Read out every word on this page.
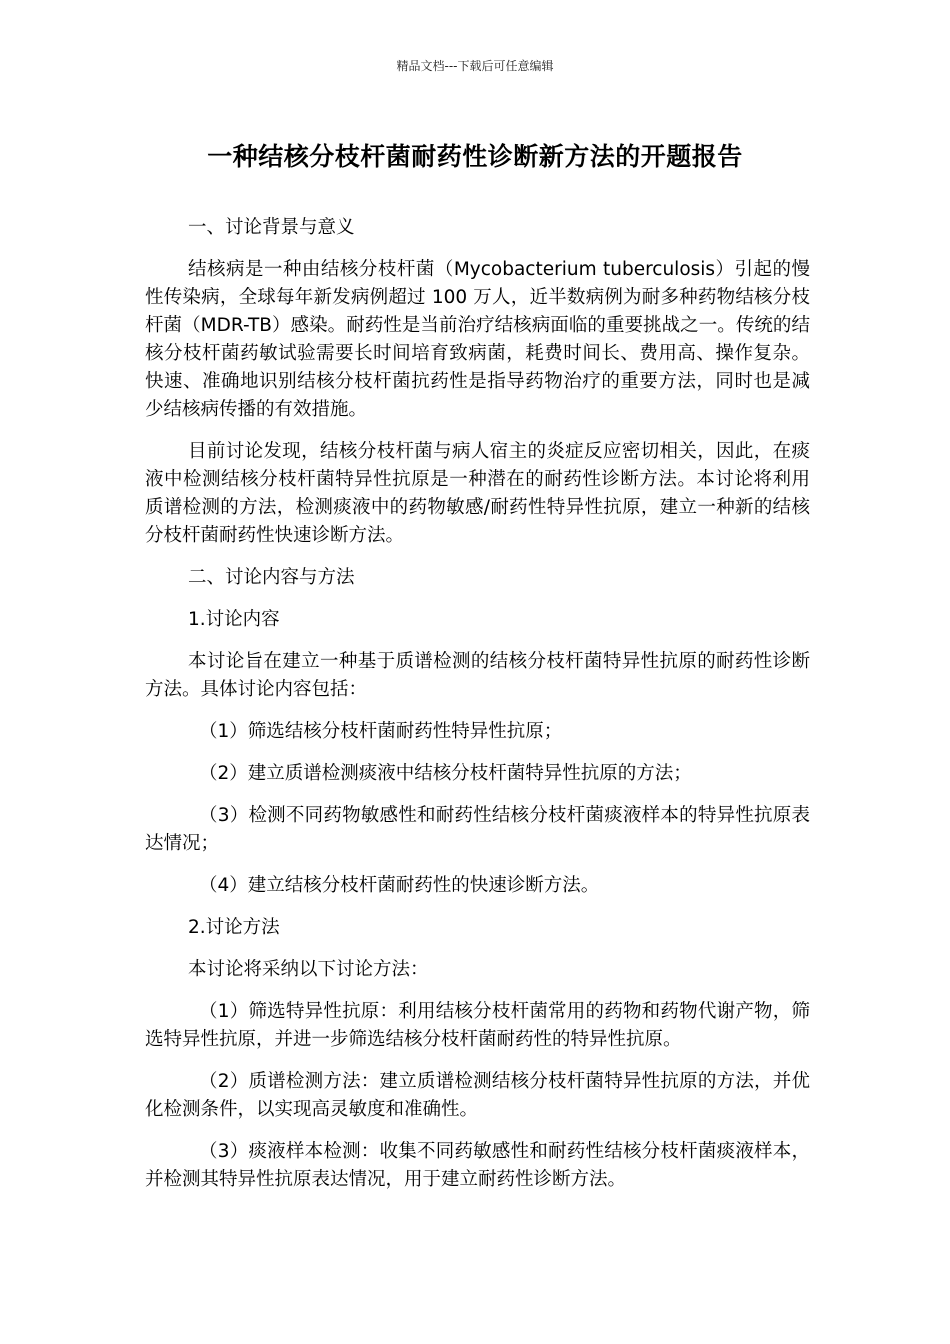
精品文档---下载后可任意编辑
一种结核分枝杆菌耐药性诊断新方法的开题报告

一、讨论背景与意义

结核病是一种由结核分枝杆菌（Mycobacterium tuberculosis）引起的慢性传染病，全球每年新发病例超过 100 万人，近半数病例为耐多种药物结核分枝杆菌（MDR-TB）感染。耐药性是当前治疗结核病面临的重要挑战之一。传统的结核分枝杆菌药敏试验需要长时间培育致病菌，耗费时间长、费用高、操作复杂。快速、准确地识别结核分枝杆菌抗药性是指导药物治疗的重要方法，同时也是减少结核病传播的有效措施。

目前讨论发现，结核分枝杆菌与病人宿主的炎症反应密切相关，因此，在痰液中检测结核分枝杆菌特异性抗原是一种潜在的耐药性诊断方法。本讨论将利用质谱检测的方法，检测痰液中的药物敏感/耐药性特异性抗原，建立一种新的结核分枝杆菌耐药性快速诊断方法。

二、讨论内容与方法

1.讨论内容

本讨论旨在建立一种基于质谱检测的结核分枝杆菌特异性抗原的耐药性诊断方法。具体讨论内容包括：

（1）筛选结核分枝杆菌耐药性特异性抗原；

（2）建立质谱检测痰液中结核分枝杆菌特异性抗原的方法；

（3）检测不同药物敏感性和耐药性结核分枝杆菌痰液样本的特异性抗原表达情况；

（4）建立结核分枝杆菌耐药性的快速诊断方法。

2.讨论方法

本讨论将采纳以下讨论方法：

（1）筛选特异性抗原：利用结核分枝杆菌常用的药物和药物代谢产物，筛选特异性抗原，并进一步筛选结核分枝杆菌耐药性的特异性抗原。

（2）质谱检测方法：建立质谱检测结核分枝杆菌特异性抗原的方法，并优化检测条件，以实现高灵敏度和准确性。

（3）痰液样本检测：收集不同药敏感性和耐药性结核分枝杆菌痰液样本，并检测其特异性抗原表达情况，用于建立耐药性诊断方法。
